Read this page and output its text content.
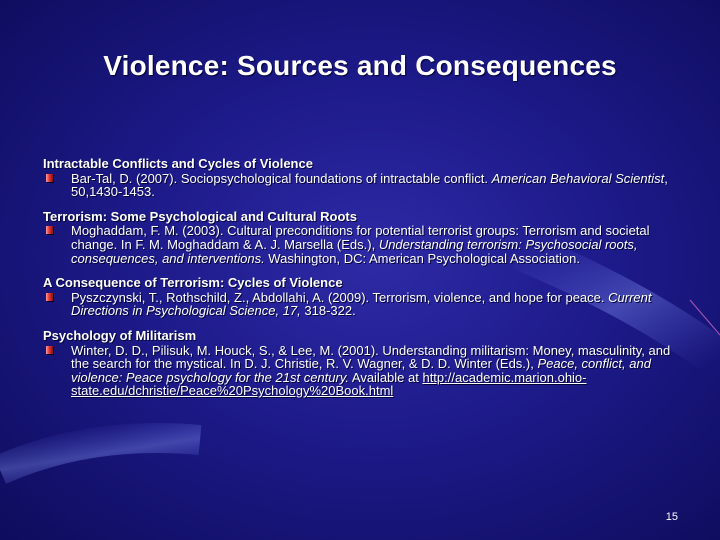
Violence: Sources and Consequences
Intractable Conflicts and Cycles of Violence

Bar-Tal, D. (2007). Sociopsychological foundations of intractable conflict. American Behavioral Scientist, 50,1430-1453.

Terrorism: Some Psychological and Cultural Roots

Moghaddam, F. M. (2003). Cultural preconditions for potential terrorist groups: Terrorism and societal change. In F. M. Moghaddam & A. J. Marsella (Eds.), Understanding terrorism: Psychosocial roots, consequences, and interventions. Washington, DC: American Psychological Association.

A Consequence of Terrorism: Cycles of Violence

Pyszczynski, T., Rothschild, Z., Abdollahi, A. (2009). Terrorism, violence, and hope for peace. Current Directions in Psychological Science, 17, 318-322.

Psychology of Militarism

Winter, D. D., Pilisuk, M. Houck, S., & Lee, M. (2001). Understanding militarism: Money, masculinity, and the search for the mystical. In D. J. Christie, R. V. Wagner, & D. D. Winter (Eds.), Peace, conflict, and violence: Peace psychology for the 21st century. Available at http://academic.marion.ohio-state.edu/dchristie/Peace%20Psychology%20Book.html

15
